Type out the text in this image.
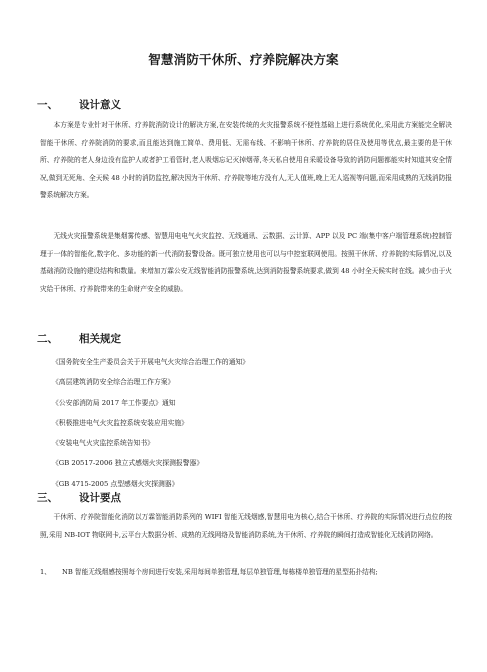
智慧消防干休所、疗养院解决方案
一、 设计意义

本方案是专业针对干休所、疗养院消防设计的解决方案,在安装传统的火灾报警系统不便性基础上进行系统优化,采用此方案能完全解决智能干休所、疗养院消防的要求,而且能达到施工简单、费用低、无需布线、不影响干休所、疗养院的居住及使用等优点,最主要的是干休所、疗养院的老人身边没有监护人或者护工看管时,老人吸烟忘记灭掉烟蒂,冬天私自使用自采暖设备导致的消防问题都能实时知道其安全情况,做到无死角、全天候 48 小时的消防监控,解决因为干休所、疗养院等地方没有人,无人值班,晚上无人巡视等问题,而采用成熟的无线消防报警系统解决方案。

无线火灾报警系统是集烟雾传感、智慧用电电气火灾监控、无线通讯、云数据、云计算、APP 以及 PC 端(集中客户端管理系统)控制管理于一体的智能化,数字化、多功能的新一代消防报警设备。既可独立使用也可以与中控室联网使用。按照干休所、疗养院的实际情况,以及基础消防设施的建设结构和数量。来增加万霖公安无线智能消防报警系统,达到消防报警系统要求,做到 48 小时全天候实时在线。减少由于火灾给干休所、疗养院带来的生命财产安全的威胁。

二、 相关规定
《国务院安全生产委员会关于开展电气火灾综合治理工作的通知》
《高层建筑消防安全综合治理工作方案》
《公安部消防局 2017 年工作要点》通知
《积极推进电气火灾监控系统安装应用实施》
《安装电气火灾监控系统告知书》
《GB 20517-2006 独立式感烟火灾探测报警器》
《GB 4715-2005 点型感烟火灾探测器》
三、 设计要点

干休所、疗养院智能化消防以万霖智能消防系列的 WIFI 智能无线烟感,智慧用电为核心,结合干休所、疗养院的实际情况进行点位的按照,采用 NB-IOT 物联网卡,云平台大数据分析、成熟的无线网络及智能消防系统,为干休所、疗养院的瞬间打造成智能化无线消防网络。

1、 NB 智能无线烟感按照每个房间进行安装,采用每间单独管理,每层单独管理,每栋楼单独管理的星型拓扑结构;
